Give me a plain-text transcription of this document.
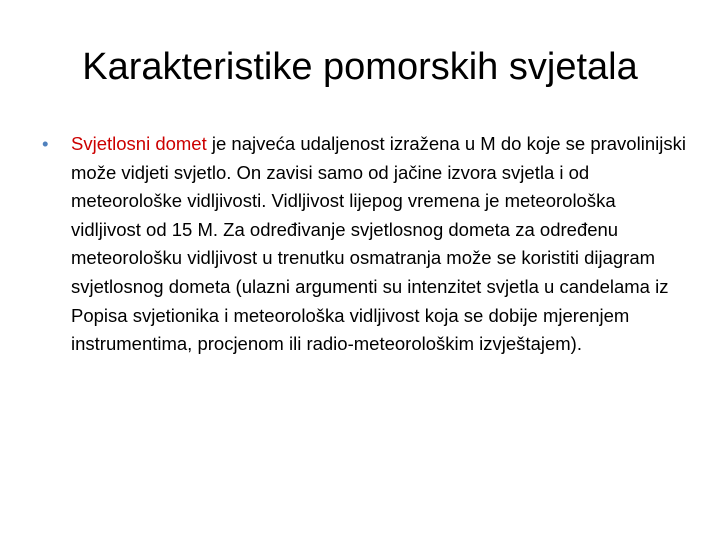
Karakteristike pomorskih svjetala
• Svjetlosni domet je najveća udaljenost izražena u M do koje se pravolinijski može vidjeti svjetlo. On zavisi samo od jačine izvora svjetla i od meteorološke vidljivosti. Vidljivost lijepog vremena je meteorološka vidljivost od 15 M. Za određivanje svjetlosnog dometa za određenu meteorološku vidljivost u trenutku osmatranja može se koristiti dijagram svjetlosnog dometa (ulazni argumenti su intenzitet svjetla u candelama iz Popisa svjetionika i meteorološka vidljivost koja se dobije mjerenjem instrumentima, procjenom ili radio-meteorološkim izvještajem).
